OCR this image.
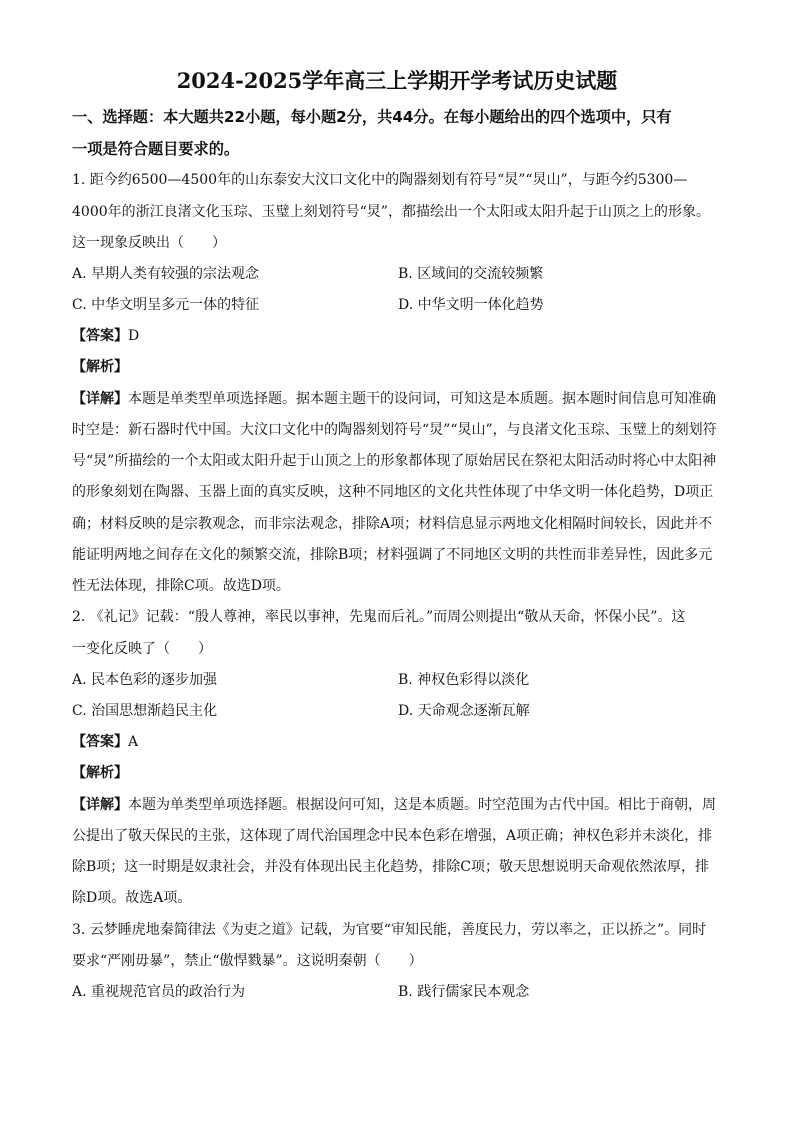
2024-2025学年高三上学期开学考试历史试题
一、选择题：本大题共22小题，每小题2分，共44分。在每小题给出的四个选项中，只有
一项是符合题目要求的。
1. 距今约6500—4500年的山东泰安大汶口文化中的陶器刻划有符号“炅”“炅山”，与距今约5300—
4000年的浙江良渚文化玉琮、玉璧上刻划符号“炅”，都描绘出一个太阳或太阳升起于山顶之上的形象。
这一现象反映出（　　）
A. 早期人类有较强的宗法观念	B. 区域间的交流较频繁
C. 中华文明呈多元一体的特征	D. 中华文明一体化趋势
【答案】D
【解析】
【详解】本题是单类型单项选择题。据本题主题干的设问词，可知这是本质题。据本题时间信息可知准确
时空是：新石器时代中国。大汶口文化中的陶器刻划符号“炅”“炅山”，与良渚文化玉琮、玉璧上的刻划符
号“炅”所描绘的一个太阳或太阳升起于山顶之上的形象都体现了原始居民在祭祀太阳活动时将心中太阳神
的形象刻划在陶器、玉器上面的真实反映，这种不同地区的文化共性体现了中华文明一体化趋势，D项正
确；材料反映的是宗教观念，而非宗法观念，排除A项；材料信息显示两地文化相隔时间较长，因此并不
能证明两地之间存在文化的频繁交流，排除B项；材料强调了不同地区文明的共性而非差异性，因此多元
性无法体现，排除C项。故选D项。
2. 《礼记》记载：“殷人尊神，率民以事神，先鬼而后礼。”而周公则提出“敬从天命，怀保小民”。这
一变化反映了（　　）
A. 民本色彩的逐步加强	B. 神权色彩得以淡化
C. 治国思想渐趋民主化	D. 天命观念逐渐瓦解
【答案】A
【解析】
【详解】本题为单类型单项选择题。根据设问可知，这是本质题。时空范围为古代中国。相比于商朝，周
公提出了敬天保民的主张，这体现了周代治国理念中民本色彩在增强，A项正确；神权色彩并未淡化，排
除B项；这一时期是奴隶社会，并没有体现出民主化趋势，排除C项；敬天思想说明天命观依然浓厚，排
除D项。故选A项。
3. 云梦睡虎地秦简律法《为吏之道》记载，为官要“审知民能，善度民力，劳以率之，正以挢之”。同时
要求“严刚毋暴”，禁止“傲悍戮暴”。这说明秦朝（　　）
A. 重视规范官员的政治行为	B. 践行儒家民本观念
